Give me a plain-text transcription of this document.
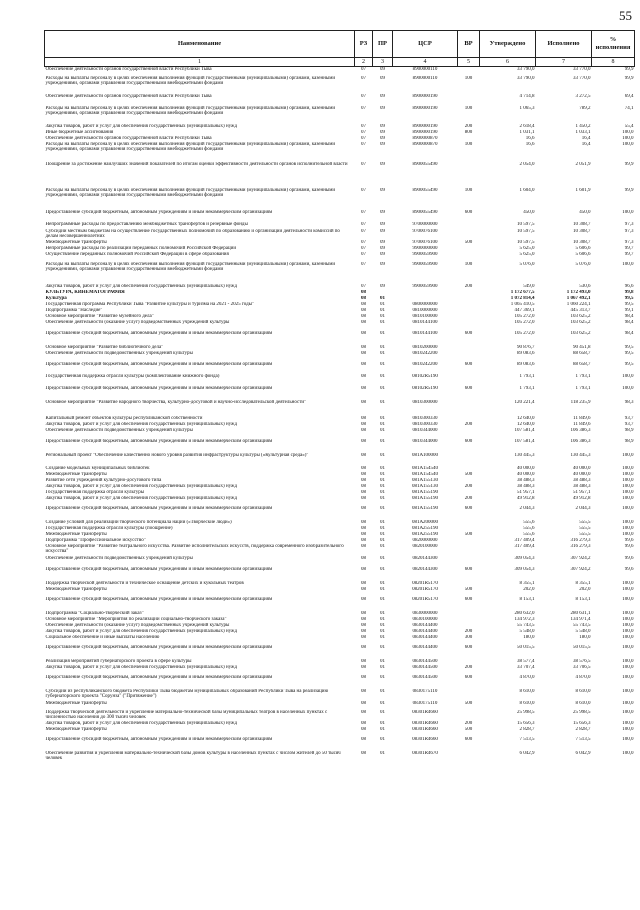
55
Наименование	РЗ	ПР	ЦСР	ВР	Утверждено	Исполнено	% исполнения
1	2	3	4	5	6	7	8
Обеспечение деятельности органов государственной власти Республики Тыва	07	09	8900000110		33 790,0	33 770,0	99,9
Расходы на выплаты персоналу в целях обеспечения выполнения функций государственными (муниципальными) органами, казенными учреждениями, органами управления государственными внебюджетными фондами	07	09	8900000110	100	33 790,0	33 770,0	99,9
Обеспечение деятельности органов государственной власти Республики Тыва	07	09	8900000190		4 714,8	3 272,5	69,4
Расходы на выплаты персоналу в целях обеспечения выполнения функций государственными (муниципальными) органами, казенными учреждениями, органами управления государственными внебюджетными фондами	07	09	8900000190	100	1 065,3	789,2	74,1
Закупка товаров, работ и услуг для обеспечения государственных (муниципальных) нужд	07	09	8900000190	200	2 618,4	1 450,2	55,4
Иные бюджетные ассигнования	07	09	8900000190	800	1 031,1	1 033,1	100,0
Обеспечение деятельности органов государственной власти Республики Тыва	07	09	8900000870		16,6	16,4	100,0
Расходы на выплаты персоналу в целях обеспечения выполнения функций государственными (муниципальными) органами, казенными учреждениями, органами управления государственными внебюджетными фондами	07	09	8900000870	100	16,6	16,4	100,0
Поощрение за достижение наилучших значений показателей по итогам оценки эффективности деятельности органов исполнительной власти	07	09	8900055490		2 054,0	2 051,9	99,9
Расходы на выплаты персоналу в целях обеспечения выполнения функций государственными (муниципальными) органами, казенными учреждениями, органами управления государственными внебюджетными фондами	07	09	8900055490	100	1 604,0	1 601,9	99,9
Предоставление субсидий бюджетным, автономным учреждениям и иным некоммерческим организациям	07	09	8900055490	600	450,0	450,0	100,0
Непрограммные расходы по предоставлению межбюджетных трансфертов и резервные фонды	07	09	9700000000		10 597,5	10 308,7	97,3
Субсидии местным бюджетам на осуществление государственных полномочий по образованию и организации деятельности комиссий по делам несовершеннолетних	07	09	9700076100		10 597,5	10 308,7	97,3
Межбюджетные трансферты	07	09	9700076100	500	10 597,5	10 308,7	97,3
Непрограммные расходы по реализации переданных полномочий Российской Федерации	07	09	9900000000		5 625,0	5 606,6	99,7
Осуществление переданных полномочий Российской Федерации в сфере образования	07	09	9900059900		5 625,0	5 606,6	99,7
Расходы на выплаты персоналу в целях обеспечения выполнения функций государственными (муниципальными) органами, казенными учреждениями, органами управления государственными внебюджетными фондами	07	09	9900059900	100	5 076,0	5 076,0	100,0
Закупка товаров, работ и услуг для обеспечения государственных (муниципальных) нужд	07	09	9900059900	200	549,0	530,6	96,6
КУЛЬТУРА, КИНЕМАТОГРАФИЯ	08				1 172 677,5	1 172 493,0	99,8
Культура	08	01			1 072 814,4	1 067 492,1	99,5
Государственная программа Республики Тыва "Развитие культуры и туризма на 2021 - 2025 годы"	08	01	0800000000		1 065 410,5	1 060 224,1	99,5
Подпрограмма "Наследие"	08	01	0810000000		447 369,1	445 313,7	99,1
Основное мероприятие "Развитие музейного дела"	08	01	0810100000		105 272,0	103 625,2	98,4
Обеспечение деятельности (оказание услуг) подведомственных учреждений культуры	08	01	0810144100		105 272,0	103 625,2	98,4
Предоставление субсидий бюджетным, автономным учреждениям и иным некоммерческим организациям	08	01	0810144100	600	105 272,0	103 625,2	98,4
Основное мероприятие "Развитие библиотечного дела"	08	01	0810200000		90 876,7	90 451,8	99,5
Обеспечение деятельности подведомственных учреждений культуры	08	01	0810242200		89 083,6	88 658,7	99,5
Предоставление субсидий бюджетным, автономным учреждениям и иным некоммерческим организациям	08	01	0810242200	600	89 083,6	88 658,7	99,5
Государственная поддержка отрасли культуры (комплектование книжного фонда)	08	01	08102R5190		1 793,1	1 793,1	100,0
Предоставление субсидий бюджетным, автономным учреждениям и иным некоммерческим организациям	08	01	08102R5190	600	1 793,1	1 793,1	100,0
Основное мероприятие "Развитие народного творчества, культурно-досуговой и научно-исследовательской деятельности"	08	01	0810300000		120 221,4	118 235,9	98,3
Капитальный ремонт объектов культуры республиканской собственности	08	01	0810300330		12 640,0	11 849,6	93,7
Закупка товаров, работ и услуг для обеспечения государственных (муниципальных) нужд	08	01	0810300330	200	12 640,0	11 849,6	93,7
Обеспечение деятельности подведомственных учреждений культуры	08	01	0810344000		107 581,4	106 386,3	98,9
Предоставление субсидий бюджетным, автономным учреждениям и иным некоммерческим организациям	08	01	0810344000	600	107 581,4	106 386,3	98,9
Региональный проект "Обеспечение качественно нового уровня развития инфраструктуры культуры («Культурная среда»)"	08	01	081A100000		130 445,3	130 445,3	100,0
Создание модельных муниципальных библиотек	08	01	081A154540		40 000,0	40 000,0	100,0
Межбюджетные трансферты	08	01	081A154540	500	40 000,0	40 000,0	100,0
Развитие сети учреждений культурно-досугового типа	08	01	081A155130		38 488,3	38 488,3	100,0
Закупка товаров, работ и услуг для обеспечения государственных (муниципальных) нужд	08	01	081A155130	200	38 488,3	38 488,3	100,0
Государственная поддержка отрасли культуры	08	01	081A155190		51 957,1	51 957,1	100,0
Закупка товаров, работ и услуг для обеспечения государственных (муниципальных) нужд	08	01	081A155190	200	49 912,8	49 912,8	100,0
Предоставление субсидий бюджетным, автономным учреждениям и иным некоммерческим организациям	08	01	081A155190	600	2 044,3	2 044,3	100,0
Создание условий для реализации творческого потенциала нации («Творческие люди»)	08	01	081A200000		555,6	555,5	100,0
Государственная поддержка отрасли культуры (поощрение)	08	01	081A255190		555,6	555,5	100,0
Межбюджетные трансферты	08	01	081A255190	500	555,6	555,5	100,0
Подпрограмма "Профессиональное искусство"	08	01	0820000000		317 409,4	316 279,3	99,6
Основное мероприятие "Развитие театрального искусства. Развитие исполнительских искусств, поддержка современного изобразительного искусства"	08	01	0820100000		317 409,4	316 279,3	99,6
Обеспечение деятельности подведомственных учреждений культуры	08	01	0820144300		309 054,3	307 924,2	99,6
Предоставление субсидий бюджетным, автономным учреждениям и иным некоммерческим организациям	08	01	0820144300	600	309 054,3	307 924,2	99,6
Поддержка творческой деятельности и техническое оснащение детских и кукольных театров	08	01	08201R5170		8 355,1	8 355,1	100,0
Межбюджетные трансферты	08	01	08201R5170	500	202,0	202,0	100,0
Предоставление субсидий бюджетным, автономным учреждениям и иным некоммерческим организациям	08	01	08201R5170	600	8 153,1	8 153,1	100,0
Подпрограмма "Социально-творческий заказ"	08	01	0830000000		280 632,0	280 631,1	100,0
Основное мероприятие "Мероприятия по реализации социально-творческого заказа"	08	01	0830100000		134 972,3	134 971,4	100,0
Обеспечение деятельности (оказание услуг) подведомственных учреждений культуры	08	01	0830144400		55 743,5	55 743,5	100,0
Закупка товаров, работ и услуг для обеспечения государственных (муниципальных) нужд	08	01	0830144400	200	5 548,0	5 548,0	100,0
Социальное обеспечение и иные выплаты населению	08	01	0830144400	300	180,0	180,0	100,0
Предоставление субсидий бюджетным, автономным учреждениям и иным некоммерческим организациям	08	01	0830144400	600	50 015,5	50 015,5	100,0
Реализация мероприятий губернаторского проекта в сфере культуры	08	01	0830144500		38 577,4	38 576,5	100,0
Закупка товаров, работ и услуг для обеспечения государственных (муниципальных) нужд	08	01	0830144500	200	33 707,4	33 706,5	100,0
Предоставление субсидий бюджетным, автономным учреждениям и иным некоммерческим организациям	08	01	0830144500	600	4 870,0	4 870,0	100,0
Субсидии из республиканского бюджета Республики Тыва бюджетам муниципальных образований Республики Тыва на реализацию губернаторского проекта "Сорунза" ("Притяжение")	08	01	0830175110		8 610,0	8 610,0	100,0
Межбюджетные трансферты	08	01	0830175110	500	8 610,0	8 610,0	100,0
Поддержка творческой деятельности и укрепление материально-технической базы муниципальных театров в населенных пунктах с численностью населения до 300 тысяч человек	08	01	08301R4660		25 998,5	25 998,5	100,0
Закупка товаров, работ и услуг для обеспечения государственных (муниципальных) нужд	08	01	08301R4660	200	15 656,3	15 656,3	100,0
Межбюджетные трансферты	08	01	08301R4660	500	2 828,7	2 828,7	100,0
Предоставление субсидий бюджетным, автономным учреждениям и иным некоммерческим организациям	08	01	08301R4660	600	7 513,5	7 513,5	100,0
Обеспечение развития и укрепления материально-технической базы домов культуры в населенных пунктах с числом жителей до 50 тысяч человек	08	01	08301R4670		6 042,9	6 042,9	100,0
